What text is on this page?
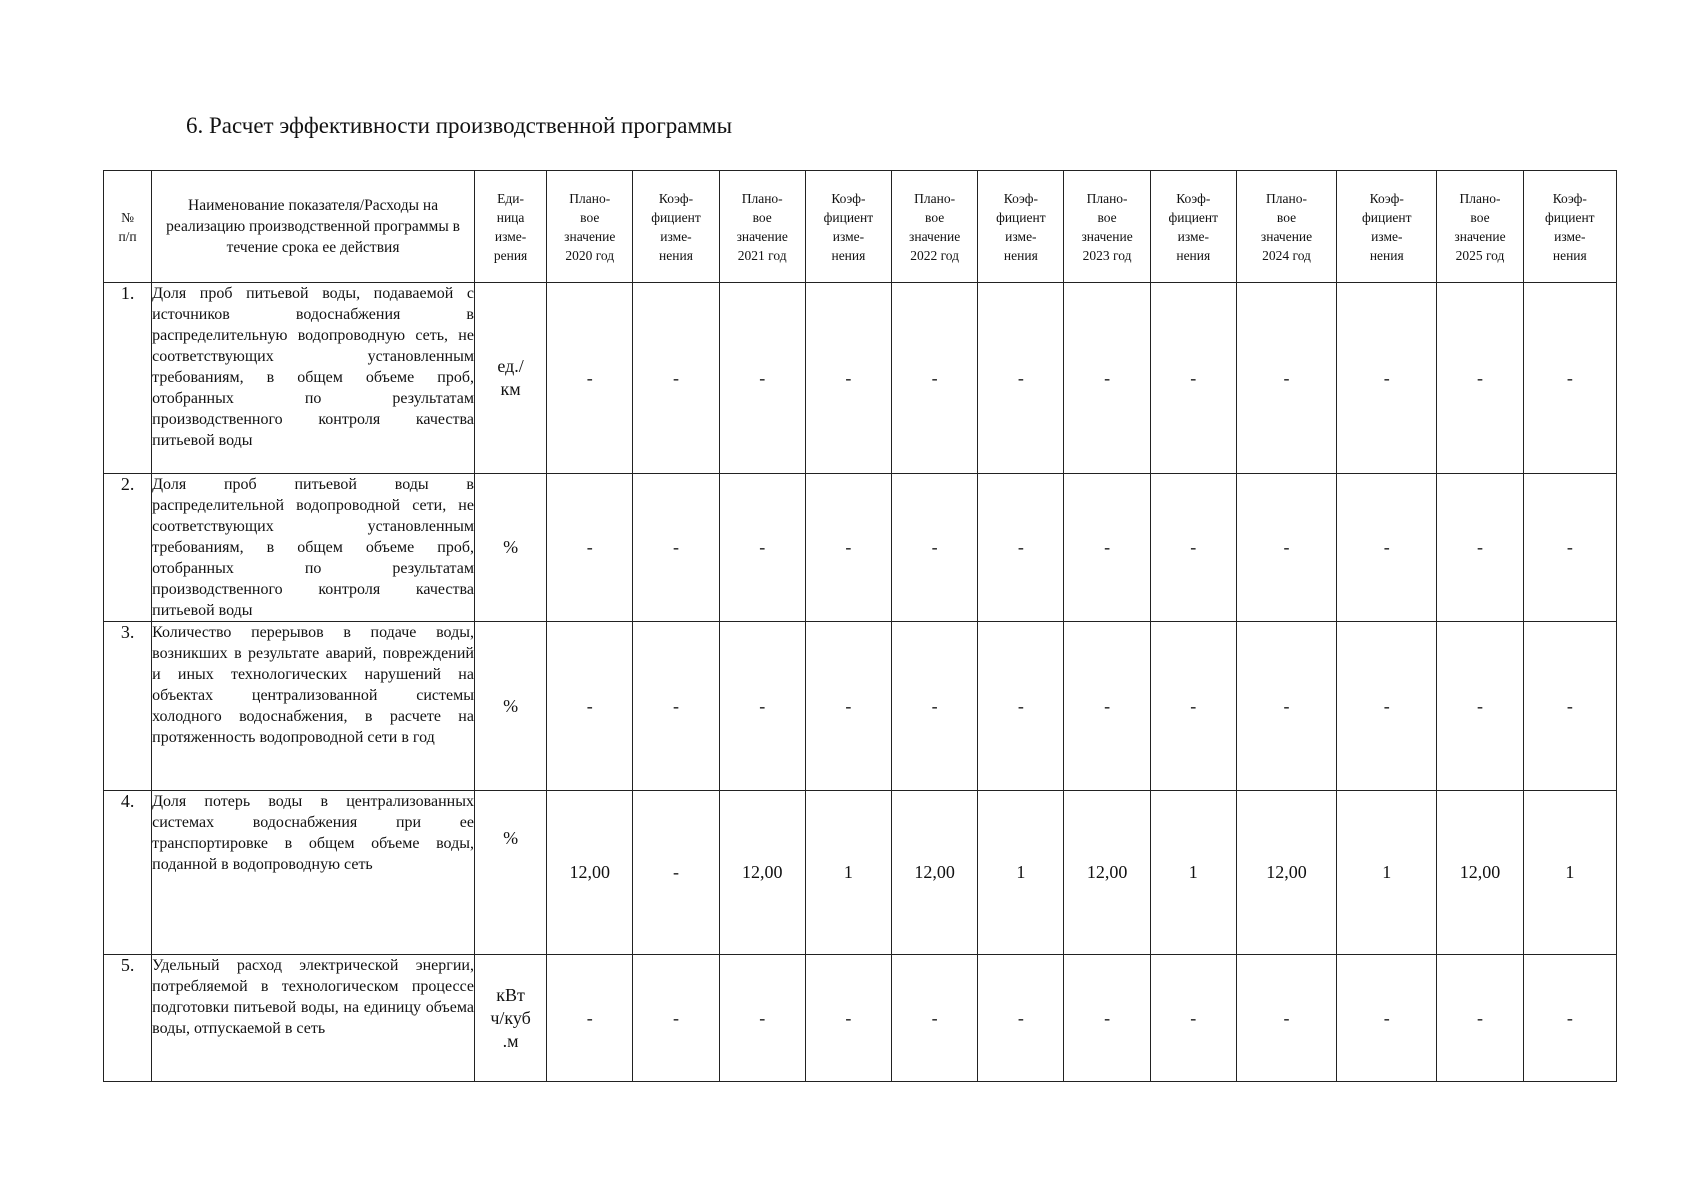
6. Расчет эффективности производственной программы
№
п/п	Наименование показателя/Расходы на реализацию производственной программы в течение срока ее действия	Еди-
ница
изме-
рения	Плано-
вое
значение
2020 год	Коэф-
фициент
изме-
нения	Плано-
вое
значение
2021 год	Коэф-
фициент
изме-
нения	Плано-
вое
значение
2022 год	Коэф-
фициент
изме-
нения	Плано-
вое
значение
2023 год	Коэф-
фициент
изме-
нения	Плано-
вое
значение
2024 год	Коэф-
фициент
изме-
нения	Плано-
вое
значение
2025 год	Коэф-
фициент
изме-
нения
1.	Доля проб питьевой воды, подаваемой с источников водоснабжения в распределительную водопроводную сеть, не соответствующих установленным требованиям, в общем объеме проб, отобранных по результатам производственного контроля качества питьевой воды	ед./
км	-	-	-	-	-	-	-	-	-	-	-	-
2.	Доля проб питьевой воды в распределительной водопроводной сети, не соответствующих установленным требованиям, в общем объеме проб, отобранных по результатам производственного контроля качества питьевой воды	%	-	-	-	-	-	-	-	-	-	-	-	-
3.	Количество перерывов в подаче воды, возникших в результате аварий, повреждений и иных технологических нарушений на объектах централизованной системы холодного водоснабжения, в расчете на протяженность водопроводной сети в год	%	-	-	-	-	-	-	-	-	-	-	-	-
4.	Доля потерь воды в централизованных системах водоснабжения при ее транспортировке в общем объеме воды, поданной в водопроводную сеть	%	12,00	-	12,00	1	12,00	1	12,00	1	12,00	1	12,00	1
5.	Удельный расход электрической энергии, потребляемой в технологическом процессе подготовки питьевой воды, на единицу объема воды, отпускаемой в сеть	кВт
ч/куб
.м	-	-	-	-	-	-	-	-	-	-	-	-
